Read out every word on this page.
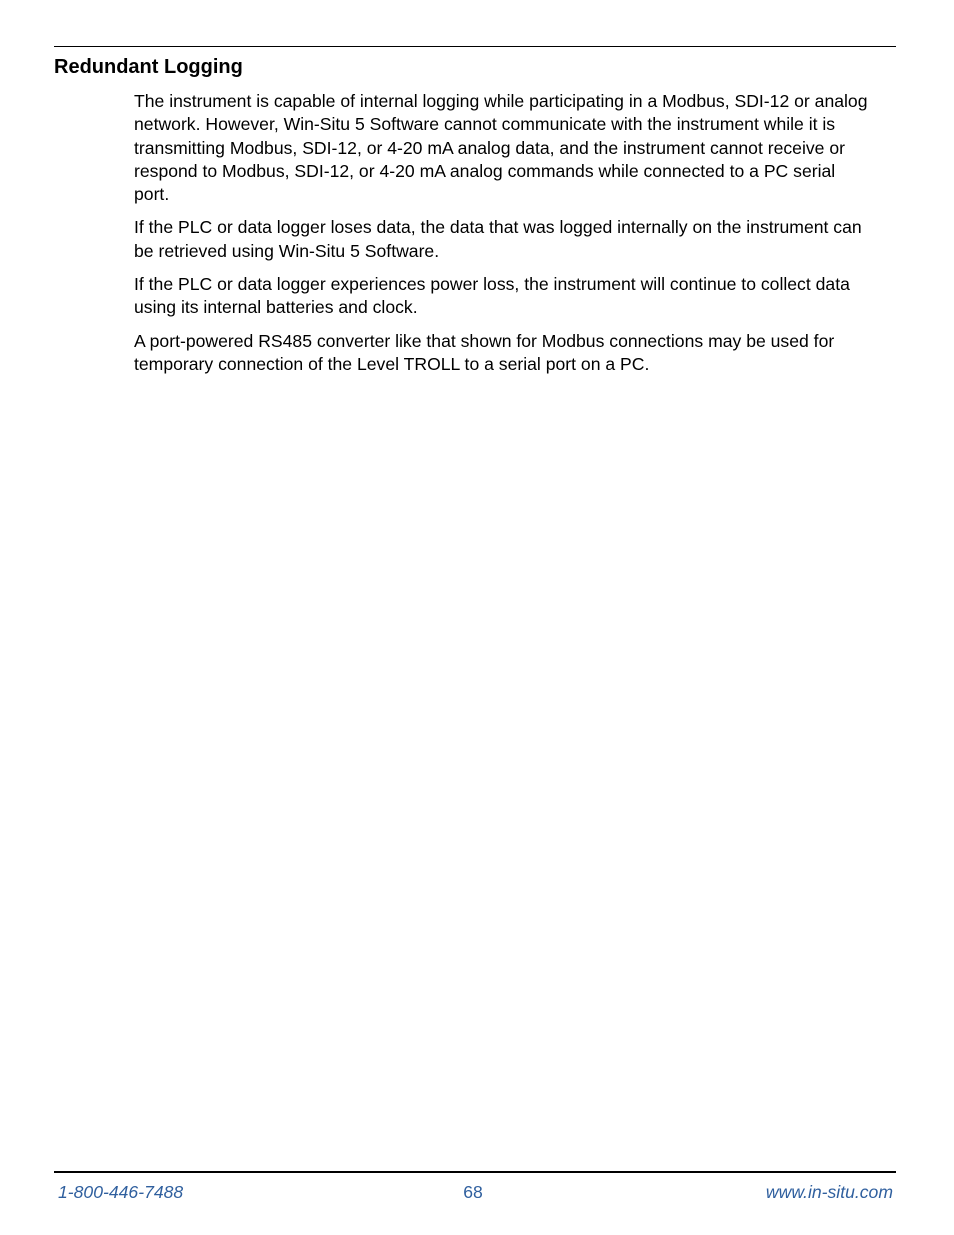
Redundant Logging

The instrument is capable of internal logging while participating in a Modbus, SDI-12 or analog network. However, Win-Situ 5 Software cannot communicate with the instrument while it is transmitting Modbus, SDI-12, or 4-20 mA analog data, and the instrument cannot receive or respond to Modbus, SDI-12, or 4-20 mA analog commands while connected to a PC serial port.

If the PLC or data logger loses data, the data that was logged internally on the instrument can be retrieved using Win-Situ 5 Software.

If the PLC or data logger experiences power loss, the instrument will continue to collect data using its internal batteries and clock.

A port-powered RS485 converter like that shown for Modbus connections may be used for temporary connection of the Level TROLL to a serial port on a PC.

1-800-446-7488	68	www.in-situ.com
